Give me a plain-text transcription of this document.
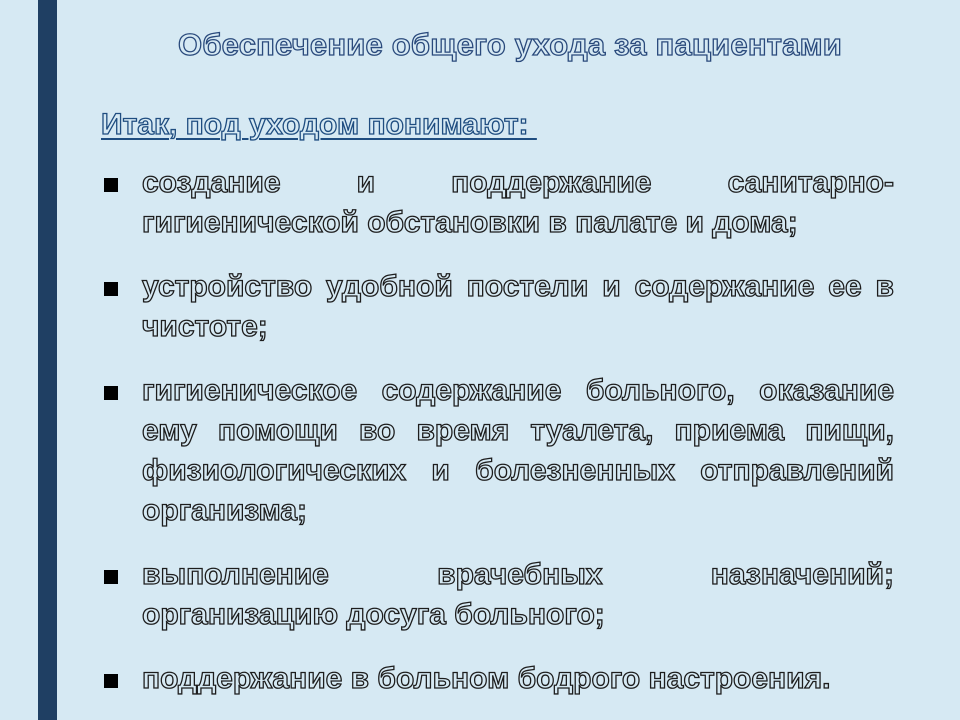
Обеспечение общего ухода за пациентами
Итак, под уходом понимают:
создание и поддержание санитарно-гигиенической обстановки в палате и дома;
устройство удобной постели и содержание ее в чистоте;
гигиеническое содержание больного, оказание ему помощи во время туалета, приема пищи, физиологических и болезненных отправлений организма;
выполнение врачебных назначений; организацию досуга больного;
поддержание в больном бодрого настроения.
